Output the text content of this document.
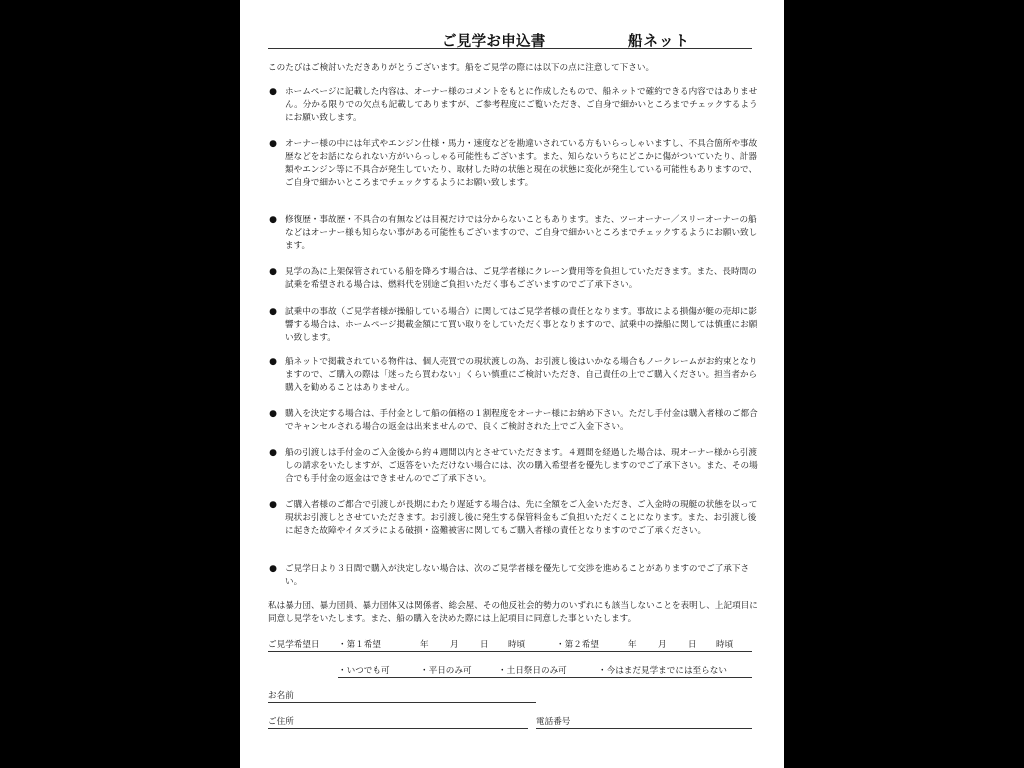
ご見学お申込書	船ネット
このたびはご検討いただきありがとうございます。船をご見学の際には以下の点に注意して下さい。
● ホームページに記載した内容は、オーナー様のコメントをもとに作成したもので、船ネットで確約できる内容ではありません。分かる限りでの欠点も記載してありますが、ご参考程度にご覧いただき、ご自身で細かいところまでチェックするようにお願い致します。
● オーナー様の中には年式やエンジン仕様・馬力・速度などを勘違いされている方もいらっしゃいますし、不具合箇所や事故歴などをお話になられない方がいらっしゃる可能性もございます。また、知らないうちにどこかに傷がついていたり、計器類やエンジン等に不具合が発生していたり、取材した時の状態と現在の状態に変化が発生している可能性もありますので、ご自身で細かいところまでチェックするようにお願い致します。
● 修復歴・事故歴・不具合の有無などは目視だけでは分からないこともあります。また、ツーオーナー／スリーオーナーの船などはオーナー様も知らない事がある可能性もございますので、ご自身で細かいところまでチェックするようにお願い致します。
● 見学の為に上架保管されている船を降ろす場合は、ご見学者様にクレーン費用等を負担していただきます。また、長時間の試乗を希望される場合は、燃料代を別途ご負担いただく事もございますのでご了承下さい。
● 試乗中の事故（ご見学者様が操船している場合）に関してはご見学者様の責任となります。事故による損傷が艇の売却に影響する場合は、ホームページ掲載金額にて買い取りをしていただく事となりますので、試乗中の操船に関しては慎重にお願い致します。
● 船ネットで掲載されている物件は、個人売買での現状渡しの為、お引渡し後はいかなる場合もノークレームがお約束となりますので、ご購入の際は「迷ったら買わない」くらい慎重にご検討いただき、自己責任の上でご購入ください。担当者から購入を勧めることはありません。
● 購入を決定する場合は、手付金として船の価格の１割程度をオーナー様にお納め下さい。ただし手付金は購入者様のご都合でキャンセルされる場合の返金は出来ませんので、良くご検討された上でご入金下さい。
● 船の引渡しは手付金のご入金後から約４週間以内とさせていただきます。４週間を経過した場合は、現オーナー様から引渡しの請求をいたしますが、ご返答をいただけない場合には、次の購入希望者を優先しますのでご了承下さい。また、その場合でも手付金の返金はできませんのでご了承下さい。
● ご購入者様のご都合で引渡しが長期にわたり遅延する場合は、先に全額をご入金いただき、ご入金時の現艇の状態を以って現状お引渡しとさせていただきます。お引渡し後に発生する保管料金もご負担いただくことになります。また、お引渡し後に起きた故障やイタズラによる破損・盗難被害に関してもご購入者様の責任となりますのでご了承ください。
● ご見学日より３日間で購入が決定しない場合は、次のご見学者様を優先して交渉を進めることがありますのでご了承下さい。
私は暴力団、暴力団員、暴力団体又は関係者、総会屋、その他反社会的勢力のいずれにも該当しないことを表明し、上記項目に同意し見学をいたします。また、船の購入を決めた際には上記項目に同意した事といたします。
ご見学希望日 ・第１希望	年 月 日 時頃	・第２希望	年 月 日 時頃
・いつでも可	・平日のみ可	・土日祭日のみ可	・今はまだ見学までには至らない
お名前
ご住所	電話番号
